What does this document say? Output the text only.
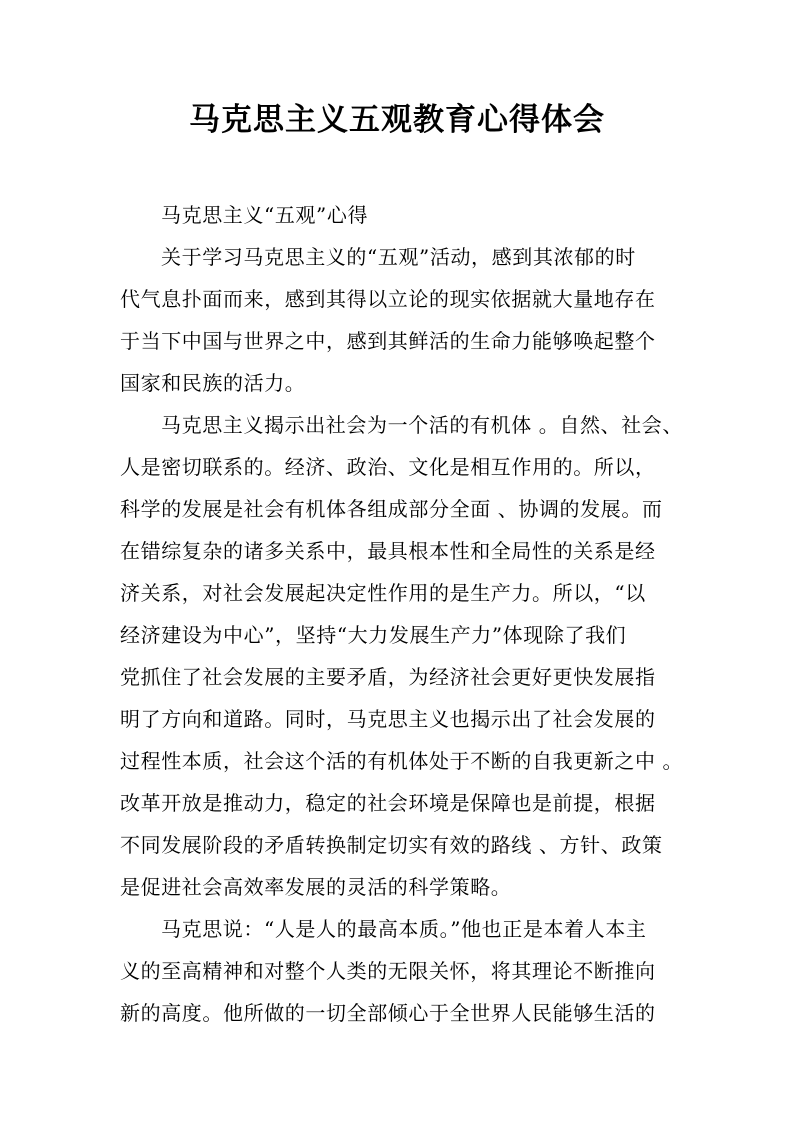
马克思主义五观教育心得体会

马克思主义“五观”心得

关于学习马克思主义的“五观”活动，感到其浓郁的时

代气息扑面而来，感到其得以立论的现实依据就大量地存在

于当下中国与世界之中，感到其鲜活的生命力能够唤起整个

国家和民族的活力。

马克思主义揭示出社会为一个活的有机体 。自然、社会、

人是密切联系的。经济、政治、文化是相互作用的。所以，

科学的发展是社会有机体各组成部分全面 、协调的发展。而

在错综复杂的诸多关系中，最具根本性和全局性的关系是经

济关系，对社会发展起决定性作用的是生产力。所以，“以

经济建设为中心”，坚持“大力发展生产力”体现除了我们

党抓住了社会发展的主要矛盾，为经济社会更好更快发展指

明了方向和道路。同时，马克思主义也揭示出了社会发展的

过程性本质，社会这个活的有机体处于不断的自我更新之中 。

改革开放是推动力，稳定的社会环境是保障也是前提，根据

不同发展阶段的矛盾转换制定切实有效的路线 、方针、政策

是促进社会高效率发展的灵活的科学策略。

马克思说：“人是人的最高本质。”他也正是本着人本主

义的至高精神和对整个人类的无限关怀，将其理论不断推向

新的高度。他所做的一切全部倾心于全世界人民能够生活的
